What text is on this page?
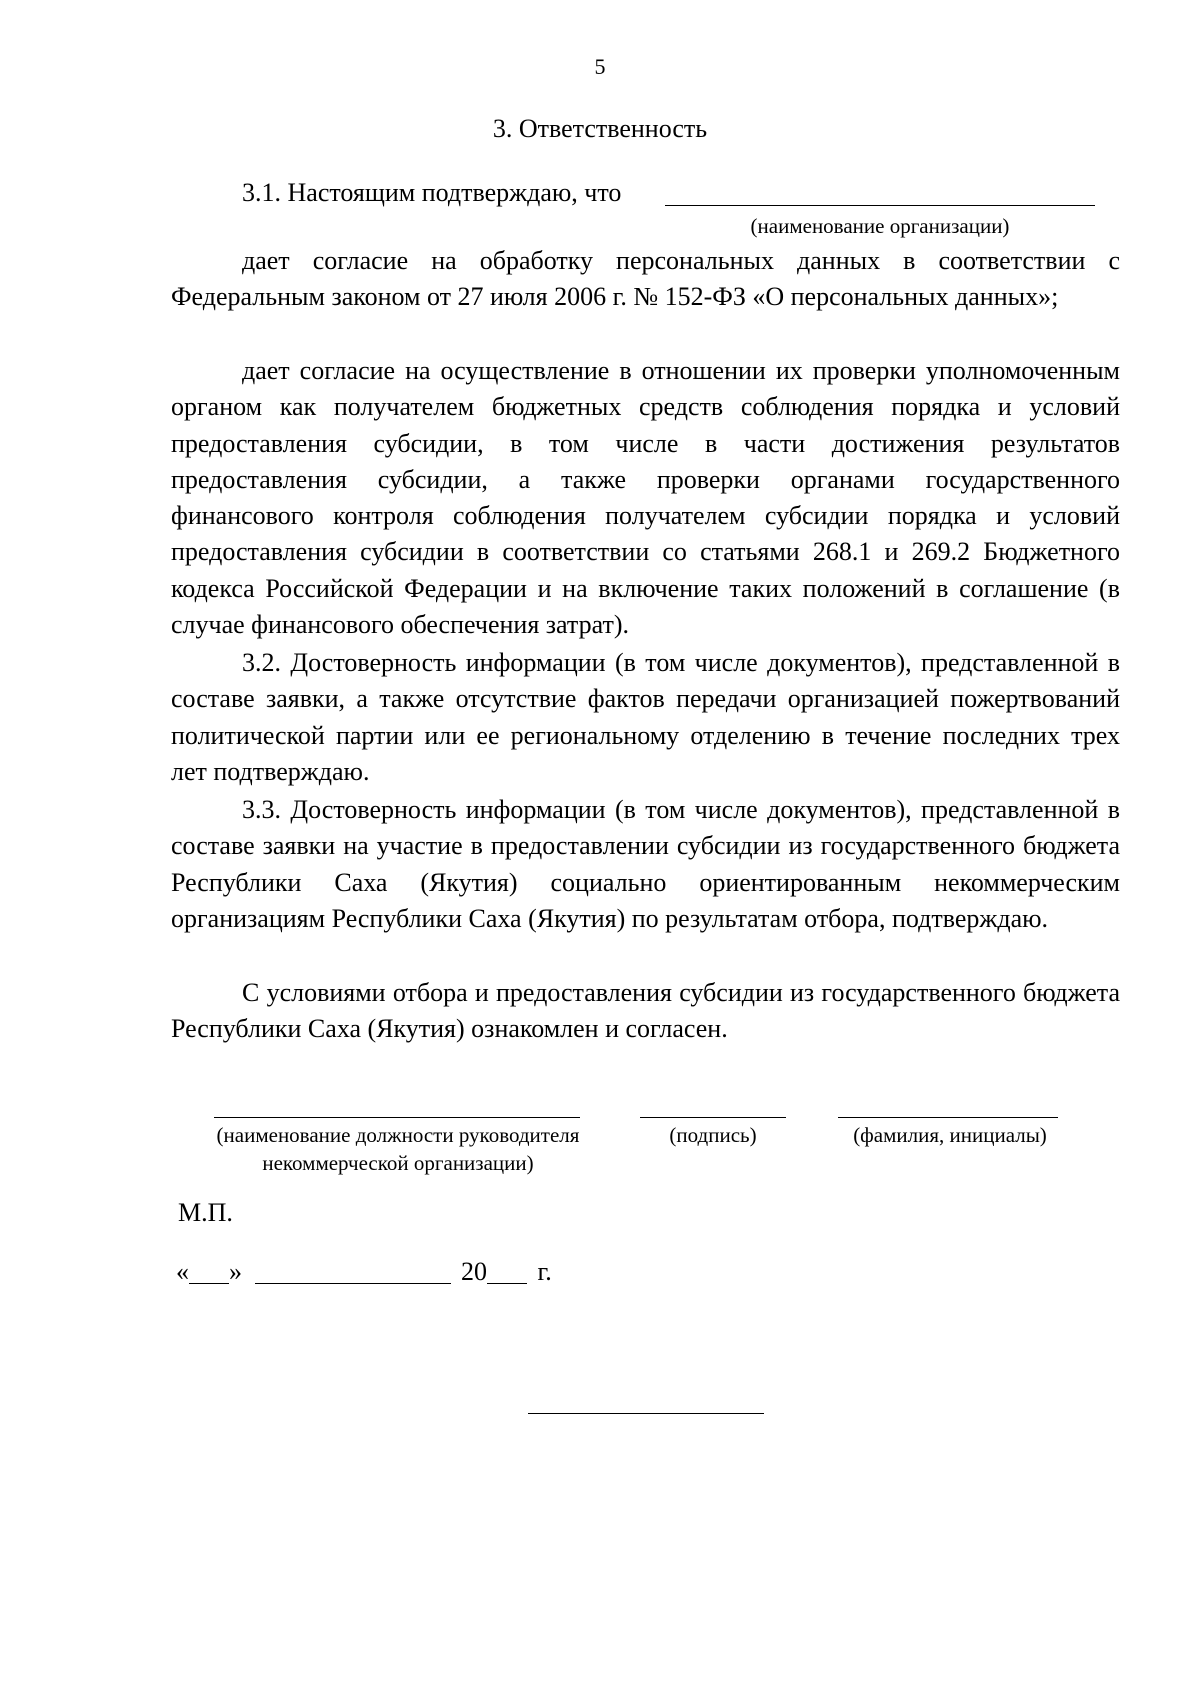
5
3. Ответственность
3.1. Настоящим подтверждаю, что
(наименование организации)
дает согласие на обработку персональных данных в соответствии с Федеральным законом от 27 июля 2006 г. № 152-ФЗ «О персональных данных»;
дает согласие на осуществление в отношении их проверки уполномоченным органом как получателем бюджетных средств соблюдения порядка и условий предоставления субсидии, в том числе в части достижения результатов предоставления субсидии, а также проверки органами государственного финансового контроля соблюдения получателем субсидии порядка и условий предоставления субсидии в соответствии со статьями 268.1 и 269.2 Бюджетного кодекса Российской Федерации и на включение таких положений в соглашение (в случае финансового обеспечения затрат).
3.2. Достоверность информации (в том числе документов), представленной в составе заявки, а также отсутствие фактов передачи организацией пожертвований политической партии или ее региональному отделению в течение последних трех лет подтверждаю.
3.3. Достоверность информации (в том числе документов), представленной в составе заявки на участие в предоставлении субсидии из государственного бюджета Республики Саха (Якутия) социально ориентированным некоммерческим организациям Республики Саха (Якутия) по результатам отбора, подтверждаю.
С условиями отбора и предоставления субсидии из государственного бюджета Республики Саха (Якутия) ознакомлен и согласен.
(наименование должности руководителя некоммерческой организации)
(подпись)	(фамилия, инициалы)
М.П.
« »	20 г.
